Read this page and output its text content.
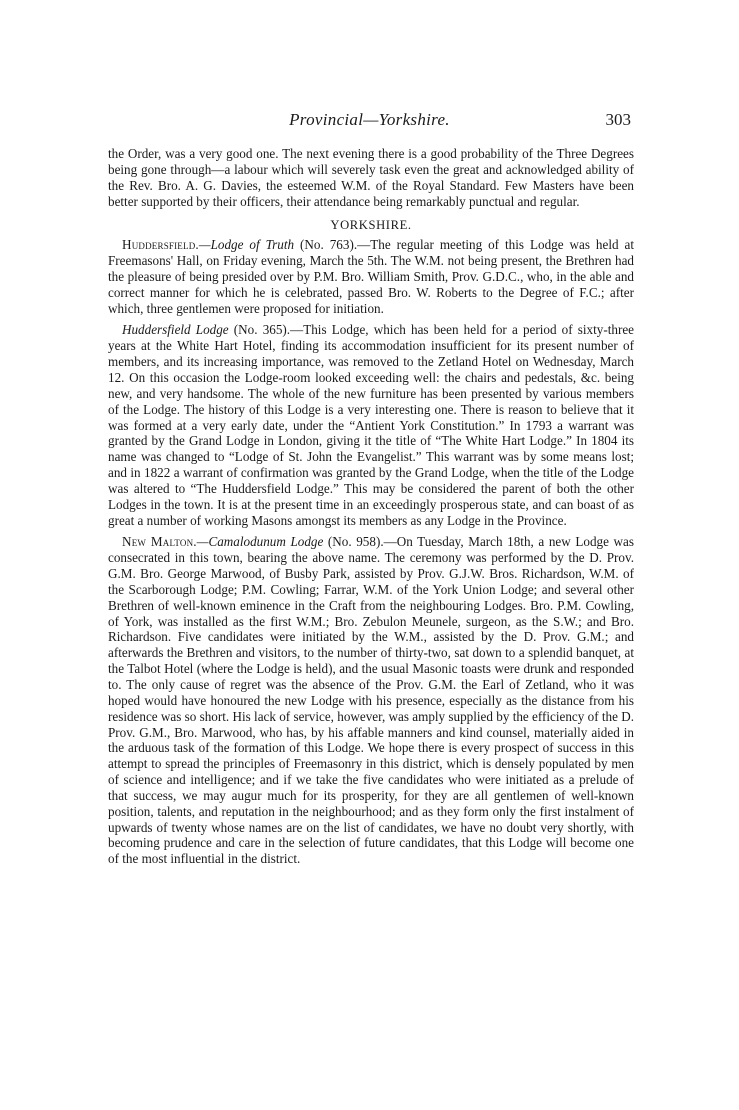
Provincial—Yorkshire.	303

the Order, was a very good one. The next evening there is a good probability of the Three Degrees being gone through—a labour which will severely task even the great and acknowledged ability of the Rev. Bro. A. G. Davies, the esteemed W.M. of the Royal Standard. Few Masters have been better supported by their officers, their attendance being remarkably punctual and regular.

YORKSHIRE.

Huddersfield.—Lodge of Truth (No. 763).—The regular meeting of this Lodge was held at Freemasons' Hall, on Friday evening, March the 5th. The W.M. not being present, the Brethren had the pleasure of being presided over by P.M. Bro. William Smith, Prov. G.D.C., who, in the able and correct manner for which he is celebrated, passed Bro. W. Roberts to the Degree of F.C.; after which, three gentlemen were proposed for initiation.

Huddersfield Lodge (No. 365).—This Lodge, which has been held for a period of sixty-three years at the White Hart Hotel, finding its accommodation insufficient for its present number of members, and its increasing importance, was removed to the Zetland Hotel on Wednesday, March 12. On this occasion the Lodge-room looked exceeding well: the chairs and pedestals, &c. being new, and very handsome. The whole of the new furniture has been presented by various members of the Lodge. The history of this Lodge is a very interesting one. There is reason to believe that it was formed at a very early date, under the “Antient York Constitution.” In 1793 a warrant was granted by the Grand Lodge in London, giving it the title of “The White Hart Lodge.” In 1804 its name was changed to “Lodge of St. John the Evangelist.” This warrant was by some means lost; and in 1822 a warrant of confirmation was granted by the Grand Lodge, when the title of the Lodge was altered to “The Huddersfield Lodge.” This may be considered the parent of both the other Lodges in the town. It is at the present time in an exceedingly prosperous state, and can boast of as great a number of working Masons amongst its members as any Lodge in the Province.

New Malton.—Camalodunum Lodge (No. 958).—On Tuesday, March 18th, a new Lodge was consecrated in this town, bearing the above name. The ceremony was performed by the D. Prov. G.M. Bro. George Marwood, of Busby Park, assisted by Prov. G.J.W. Bros. Richardson, W.M. of the Scarborough Lodge; P.M. Cowling; Farrar, W.M. of the York Union Lodge; and several other Brethren of well-known eminence in the Craft from the neighbouring Lodges. Bro. P.M. Cowling, of York, was installed as the first W.M.; Bro. Zebulon Meunele, surgeon, as the S.W.; and Bro. Richardson. Five candidates were initiated by the W.M., assisted by the D. Prov. G.M.; and afterwards the Brethren and visitors, to the number of thirty-two, sat down to a splendid banquet, at the Talbot Hotel (where the Lodge is held), and the usual Masonic toasts were drunk and responded to. The only cause of regret was the absence of the Prov. G.M. the Earl of Zetland, who it was hoped would have honoured the new Lodge with his presence, especially as the distance from his residence was so short. His lack of service, however, was amply supplied by the efficiency of the D. Prov. G.M., Bro. Marwood, who has, by his affable manners and kind counsel, materially aided in the arduous task of the formation of this Lodge. We hope there is every prospect of success in this attempt to spread the principles of Freemasonry in this district, which is densely populated by men of science and intelligence; and if we take the five candidates who were initiated as a prelude of that success, we may augur much for its prosperity, for they are all gentlemen of well-known position, talents, and reputation in the neighbourhood; and as they form only the first instalment of upwards of twenty whose names are on the list of candidates, we have no doubt very shortly, with becoming prudence and care in the selection of future candidates, that this Lodge will become one of the most influential in the district.
